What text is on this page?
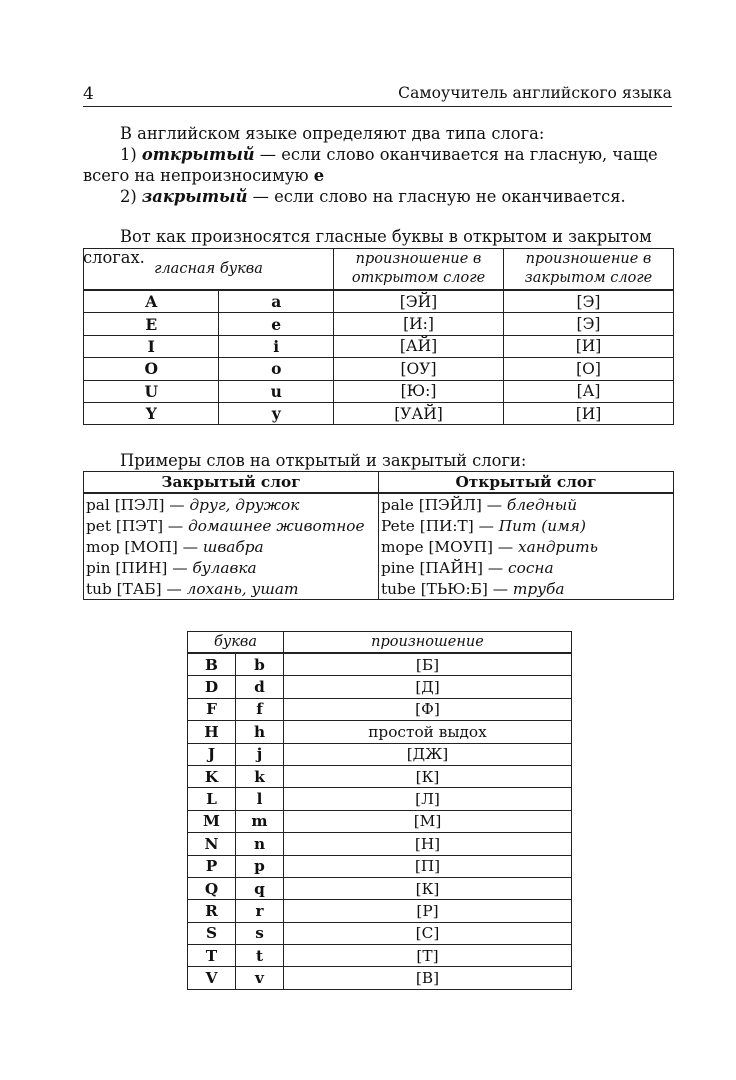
4	Самоучитель английского языка
В английском языке определяют два типа слога:
1) открытый — если слово оканчивается на гласную, чаще всего на непроизносимую e
2) закрытый — если слово на гласную не оканчивается.
Вот как произносятся гласные буквы в открытом и закрытом слогах.
гласная буква		произношение в открытом слоге	произношение в закрытом слоге
A	a	[ЭЙ]	[Э]
E	e	[И:]	[Э]
I	i	[АЙ]	[И]
O	o	[ОУ]	[О]
U	u	[Ю:]	[А]
Y	y	[УАЙ]	[И]
Примеры слов на открытый и закрытый слоги:
Закрытый слог	Открытый слог
pal [ПЭЛ] — друг, дружок	pale [ПЭЙЛ] — бледный
pet [ПЭТ] — домашнее животное	Pete [ПИ:Т] — Пит (имя)
mop [МОП] — швабра	mope [МОУП] — хандрить
pin [ПИН] — булавка	pine [ПАЙН] — сосна
tub [ТАБ] — лохань, ушат	tube [ТЬЮ:Б] — труба
буква		произношение
B	b	[Б]
D	d	[Д]
F	f	[Ф]
H	h	простой выдох
J	j	[ДЖ]
K	k	[К]
L	l	[Л]
M	m	[М]
N	n	[Н]
P	p	[П]
Q	q	[К]
R	r	[Р]
S	s	[С]
T	t	[Т]
V	v	[В]
